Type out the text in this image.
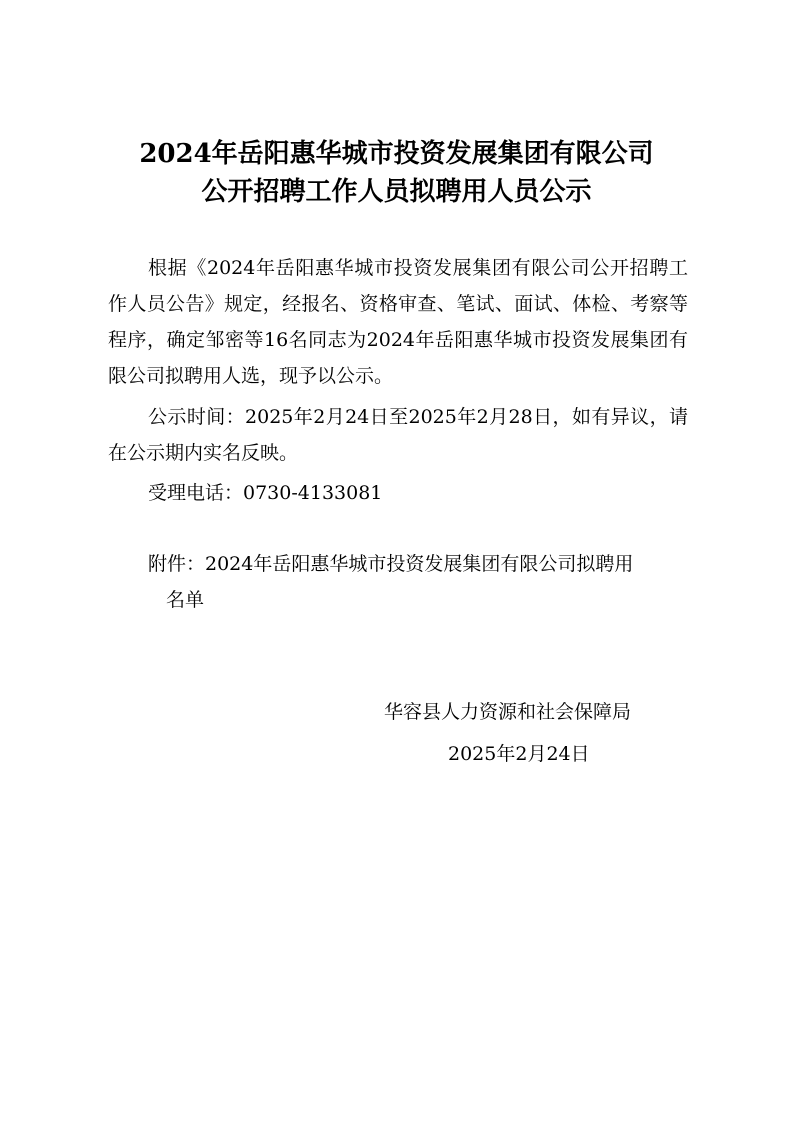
2024年岳阳惠华城市投资发展集团有限公司
公开招聘工作人员拟聘用人员公示
根据《2024年岳阳惠华城市投资发展集团有限公司公开招聘工作人员公告》规定，经报名、资格审查、笔试、面试、体检、考察等程序，确定邹密等16名同志为2024年岳阳惠华城市投资发展集团有限公司拟聘用人选，现予以公示。
公示时间：2025年2月24日至2025年2月28日，如有异议，请在公示期内实名反映。
受理电话：0730-4133081
附件：2024年岳阳惠华城市投资发展集团有限公司拟聘用
名单
华容县人力资源和社会保障局
2025年2月24日
